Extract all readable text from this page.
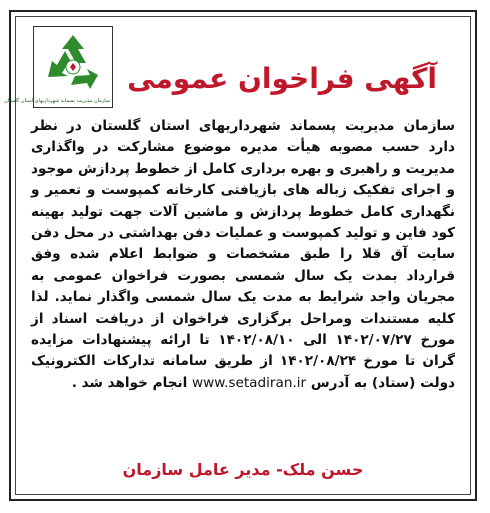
سازمان مدیریت پسماند شهرداریهای استان گلستان
آگهی فراخوان عمومی
سازمان مدیریت پسماند شهرداریهای استان گلستان در نظر دارد حسب مصوبه هیأت مدیره موضوع مشارکت در واگذاری مدیریت و راهبری و بهره برداری کامل از خطوط پردازش موجود و اجرای تفکیک زباله های بازیافتی کارخانه کمپوست و تعمیر و نگهداری کامل خطوط پردازش و ماشین آلات جهت تولید بهینه کود فاین و تولید کمپوست و عملیات دفن بهداشتی در محل دفن سایت آق قلا را طبق مشخصات و ضوابط اعلام شده وفق قرارداد بمدت یک سال شمسی بصورت فراخوان عمومی به مجریان واجد شرایط به مدت یک سال شمسی واگذار نماید. لذا کلیه مستندات ومراحل برگزاری فراخوان از دریافت اسناد از مورخ ۱۴۰۲/۰۷/۲۷ الی ۱۴۰۲/۰۸/۱۰ تا ارائه پیشنهادات مزایده گران تا مورخ ۱۴۰۲/۰۸/۲۴ از طریق سامانه تدارکات الکترونیک دولت (ستاد) به آدرس www.setadiran.ir انجام خواهد شد .
حسن ملک- مدیر عامل سازمان
